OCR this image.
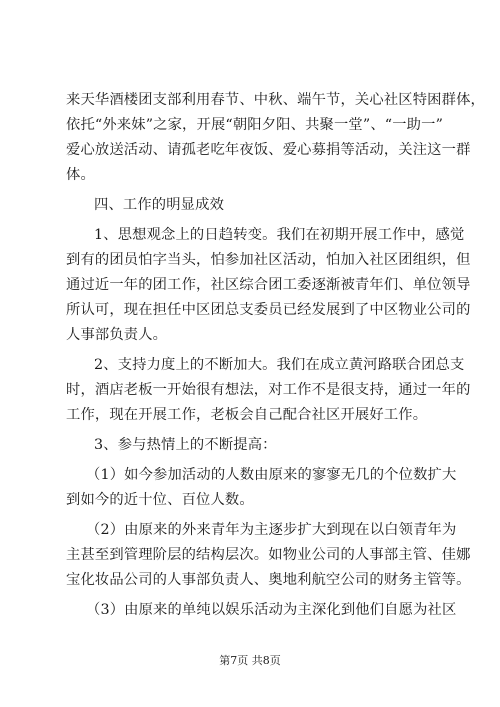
来天华酒楼团支部利用春节、中秋、端午节，关心社区特困群体，
依托“外来妹”之家，开展“朝阳夕阳、共聚一堂”、“一助一”
爱心放送活动、请孤老吃年夜饭、爱心募捐等活动，关注这一群
体。
四、工作的明显成效
1、思想观念上的日趋转变。我们在初期开展工作中，感觉
到有的团员怕字当头，怕参加社区活动，怕加入社区团组织，但
通过近一年的团工作，社区综合团工委逐渐被青年们、单位领导
所认可，现在担任中区团总支委员已经发展到了中区物业公司的
人事部负责人。
2、支持力度上的不断加大。我们在成立黄河路联合团总支
时，酒店老板一开始很有想法，对工作不是很支持，通过一年的
工作，现在开展工作，老板会自己配合社区开展好工作。
3、参与热情上的不断提高：
（1）如今参加活动的人数由原来的寥寥无几的个位数扩大
到如今的近十位、百位人数。
（2）由原来的外来青年为主逐步扩大到现在以白领青年为
主甚至到管理阶层的结构层次。如物业公司的人事部主管、佳娜
宝化妆品公司的人事部负责人、奥地利航空公司的财务主管等。
（3）由原来的单纯以娱乐活动为主深化到他们自愿为社区
第7页 共8页
